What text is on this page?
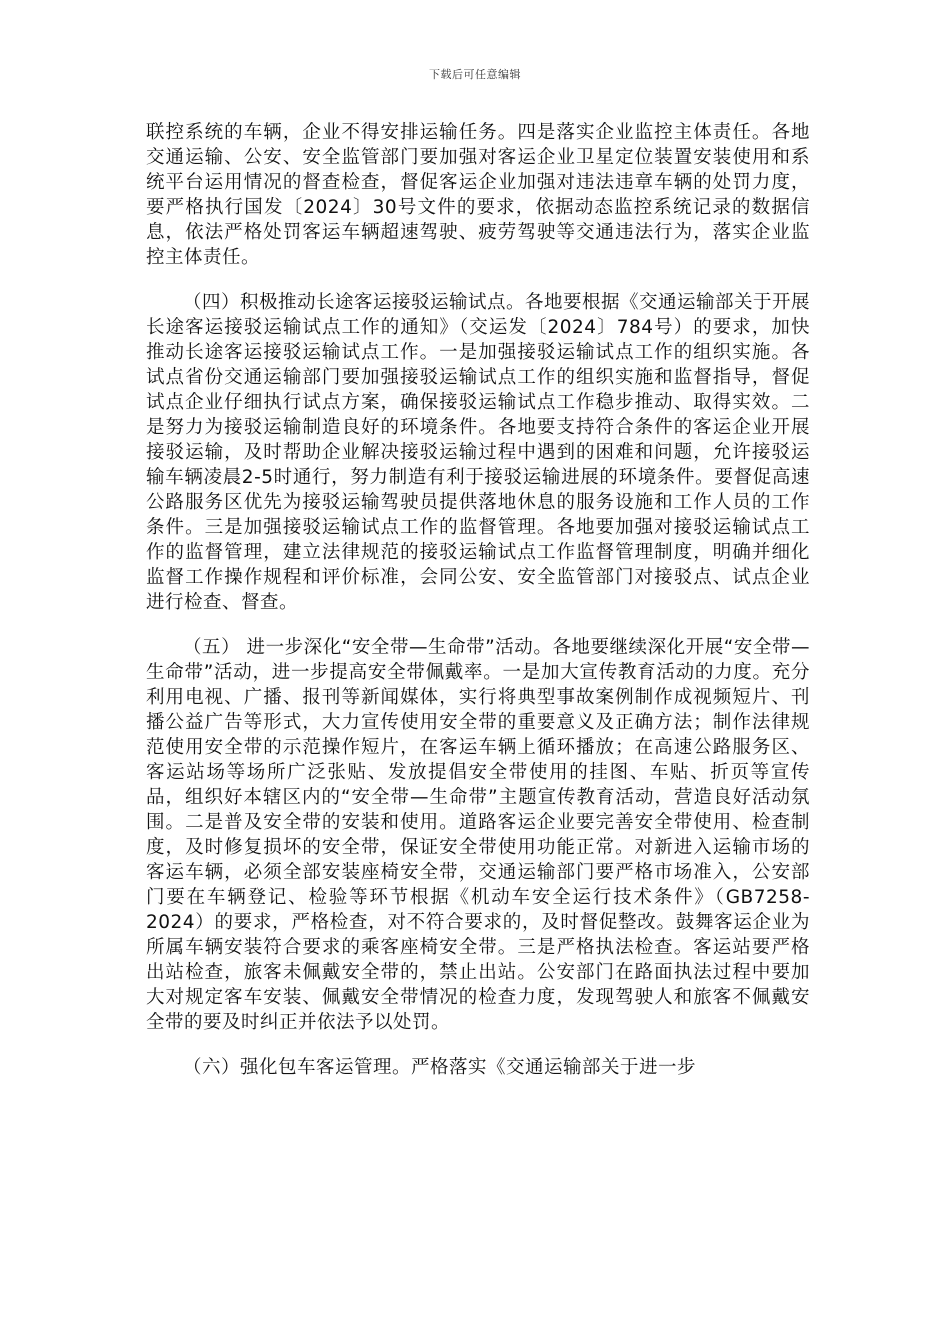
下载后可任意编辑

联控系统的车辆，企业不得安排运输任务。四是落实企业监控主体责任。各地交通运输、公安、安全监管部门要加强对客运企业卫星定位装置安装使用和系统平台运用情况的督查检查，督促客运企业加强对违法违章车辆的处罚力度，要严格执行国发〔2024〕30号文件的要求，依据动态监控系统记录的数据信息，依法严格处罚客运车辆超速驾驶、疲劳驾驶等交通违法行为，落实企业监控主体责任。

（四）积极推动长途客运接驳运输试点。各地要根据《交通运输部关于开展长途客运接驳运输试点工作的通知》（交运发〔2024〕784号）的要求，加快推动长途客运接驳运输试点工作。一是加强接驳运输试点工作的组织实施。各试点省份交通运输部门要加强接驳运输试点工作的组织实施和监督指导，督促试点企业仔细执行试点方案，确保接驳运输试点工作稳步推动、取得实效。二是努力为接驳运输制造良好的环境条件。各地要支持符合条件的客运企业开展接驳运输，及时帮助企业解决接驳运输过程中遇到的困难和问题，允许接驳运输车辆凌晨2-5时通行，努力制造有利于接驳运输进展的环境条件。要督促高速公路服务区优先为接驳运输驾驶员提供落地休息的服务设施和工作人员的工作条件。三是加强接驳运输试点工作的监督管理。各地要加强对接驳运输试点工作的监督管理，建立法律规范的接驳运输试点工作监督管理制度，明确并细化监督工作操作规程和评价标准，会同公安、安全监管部门对接驳点、试点企业进行检查、督查。

（五） 进一步深化“安全带—生命带”活动。各地要继续深化开展“安全带—生命带”活动，进一步提高安全带佩戴率。一是加大宣传教育活动的力度。充分利用电视、广播、报刊等新闻媒体，实行将典型事故案例制作成视频短片、刊播公益广告等形式，大力宣传使用安全带的重要意义及正确方法；制作法律规范使用安全带的示范操作短片，在客运车辆上循环播放；在高速公路服务区、客运站场等场所广泛张贴、发放提倡安全带使用的挂图、车贴、折页等宣传品，组织好本辖区内的“安全带—生命带”主题宣传教育活动，营造良好活动氛围。二是普及安全带的安装和使用。道路客运企业要完善安全带使用、检查制度，及时修复损坏的安全带，保证安全带使用功能正常。对新进入运输市场的客运车辆，必须全部安装座椅安全带，交通运输部门要严格市场准入，公安部门要在车辆登记、检验等环节根据《机动车安全运行技术条件》（GB7258-2024）的要求，严格检查，对不符合要求的，及时督促整改。鼓舞客运企业为所属车辆安装符合要求的乘客座椅安全带。三是严格执法检查。客运站要严格出站检查，旅客未佩戴安全带的，禁止出站。公安部门在路面执法过程中要加大对规定客车安装、佩戴安全带情况的检查力度，发现驾驶人和旅客不佩戴安全带的要及时纠正并依法予以处罚。

（六）强化包车客运管理。严格落实《交通运输部关于进一步
